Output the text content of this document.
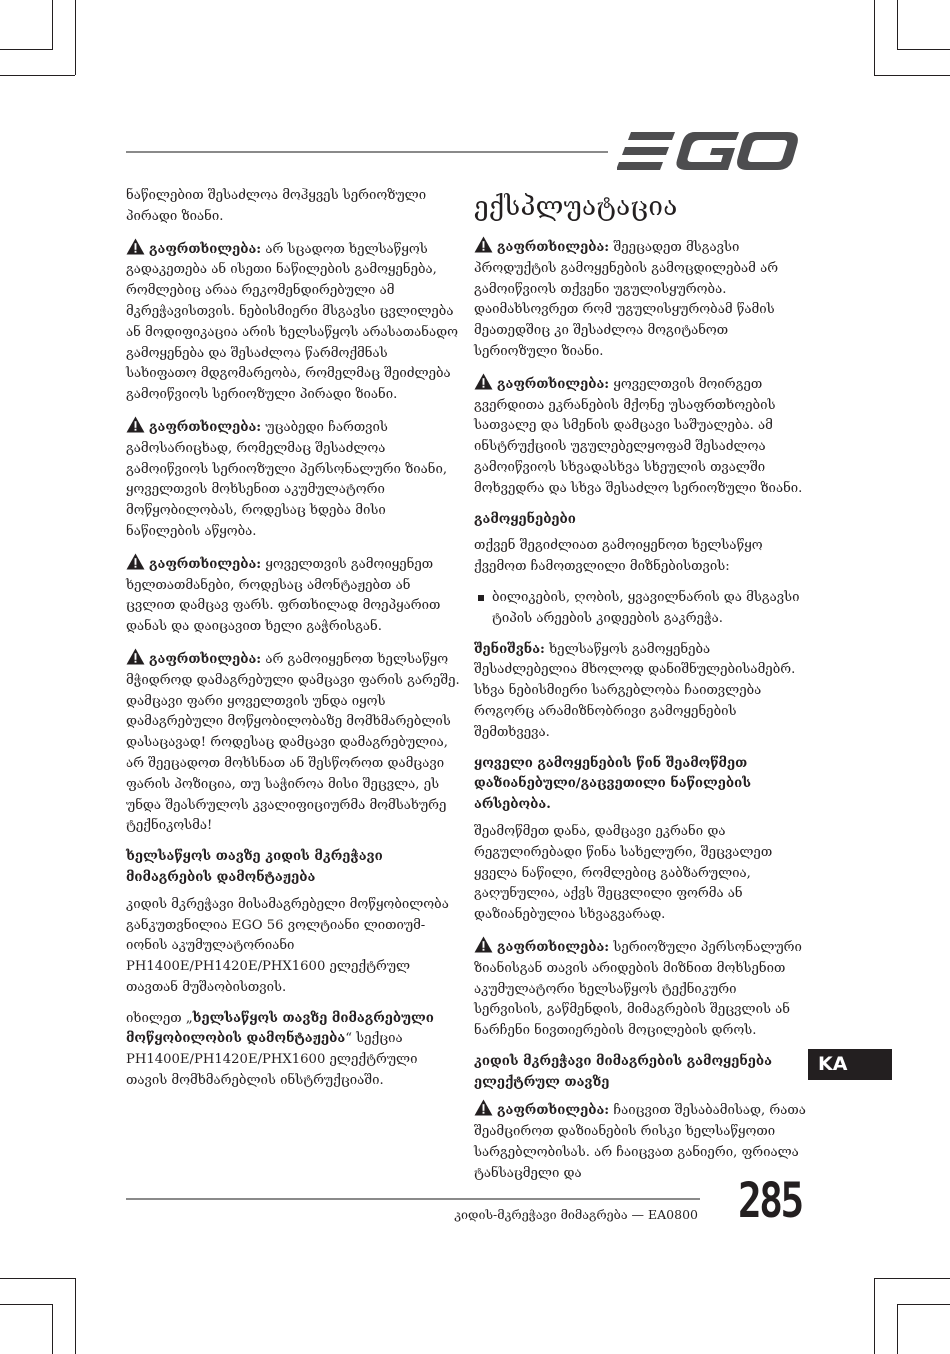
ნაწილებით შესაძლოა მოჰყვეს სერიოზული პირადი ზიანი.

გაფრთხილება: არ სცადოთ ხელსაწყოს გადაკეთება ან ისეთი ნაწილების გამოყენება, რომლებიც არაა რეკომენდირებული ამ მკრეჭავისთვის. ნებისმიერი მსგავსი ცვლილება ან მოდიფიკაცია არის ხელსაწყოს არასათანადო გამოყენება და შესაძლოა წარმოქმნას სახიფათო მდგომარეობა, რომელმაც შეიძლება გამოიწვიოს სერიოზული პირადი ზიანი.

გაფრთხილება: უცაბედი ჩართვის გამოსარიცხად, რომელმაც შესაძლოა გამოიწვიოს სერიოზული პერსონალური ზიანი, ყოველთვის მოხსენით აკუმულატორი მოწყობილობას, როდესაც ხდება მისი ნაწილების აწყობა.

გაფრთხილება: ყოველთვის გამოიყენეთ ხელთათმანები, როდესაც ამონტაჟებთ ან ცვლით დამცავ ფარს. ფრთხილად მოეპყარით დანას და დაიცავით ხელი გაჭრისგან.

გაფრთხილება: არ გამოიყენოთ ხელსაწყო მჭიდროდ დამაგრებული დამცავი ფარის გარეშე. დამცავი ფარი ყოველთვის უნდა იყოს დამაგრებული მოწყობილობაზე მომხმარებლის დასაცავად! როდესაც დამცავი დამაგრებულია, არ შეეცადოთ მოხსნათ ან შესწოროთ დამცავი ფარის პოზიცია, თუ საჭიროა მისი შეცვლა, ეს უნდა შეასრულოს კვალიფიციურმა მომსახურე ტექნიკოსმა!

ხელსაწყოს თავზე კიდის მკრეჭავი მიმაგრების დამონტაჟება

კიდის მკრეჭავი მისამაგრებელი მოწყობილობა განკუთვნილია EGO 56 ვოლტიანი ლითიუმ-იონის აკუმულატორიანი PH1400E/PH1420E/PHX1600 ელექტრულ თავთან მუშაობისთვის.

იხილეთ „ხელსაწყოს თავზე მიმაგრებული მოწყობილობის დამონტაჟება“ სექცია PH1400E/PH1420E/PHX1600 ელექტრული თავის მომხმარებლის ინსტრუქციაში.

ექსპლუატაცია

გაფრთხილება: შეეცადეთ მსგავსი პროდუქტის გამოყენების გამოცდილებამ არ გამოიწვიოს თქვენი უგულისყურობა. დაიმახსოვრეთ რომ უგულისყურობამ წამის მეათედშიც კი შესაძლოა მოგიტანოთ სერიოზული ზიანი.

გაფრთხილება: ყოველთვის მოირგეთ გვერდითა ეკრანების მქონე უსაფრთხოების სათვალე და სმენის დამცავი საშუალება. ამ ინსტრუქციის უგულებელყოფამ შესაძლოა გამოიწვიოს სხვადასხვა სხეულის თვალში მოხვედრა და სხვა შესაძლო სერიოზული ზიანი.

გამოყენებები

თქვენ შეგიძლიათ გამოიყენოთ ხელსაწყო ქვემოთ ჩამოთვლილი მიზნებისთვის:

ბილიკების, ღობის, ყვავილნარის და მსგავსი ტიპის არეების კიდეების გაკრეჭა.

შენიშვნა: ხელსაწყოს გამოყენება შესაძლებელია მხოლოდ დანიშნულებისამებრ. სხვა ნებისმიერი სარგებლობა ჩაითვლება როგორც არამიზნობრივი გამოყენების შემთხვევა.

ყოველი გამოყენების წინ შეამოწმეთ დაზიანებული/გაცვეთილი ნაწილების არსებობა.

შეამოწმეთ დანა, დამცავი ეკრანი და რეგულირებადი წინა სახელური, შეცვალეთ ყველა ნაწილი, რომლებიც გაბზარულია, გაღუნულია, აქვს შეცვლილი ფორმა ან დაზიანებულია სხვაგვარად.

გაფრთხილება: სერიოზული პერსონალური ზიანისგან თავის არიდების მიზნით მოხსენით აკუმულატორი ხელსაწყოს ტექნიკური სერვისის, გაწმენდის, მიმაგრების შეცვლის ან ნარჩენი ნივთიერების მოცილების დროს.

კიდის მკრეჭავი მიმაგრების გამოყენება ელექტრულ თავზე

გაფრთხილება: ჩაიცვით შესაბამისად, რათა შეამციროთ დაზიანების რისკი ხელსაწყოთი სარგებლობისას. არ ჩაიცვათ განიერი, ფრიალა ტანსაცმელი და

KA
კიდის-მკრეჭავი მიმაგრება — EA0800 285
